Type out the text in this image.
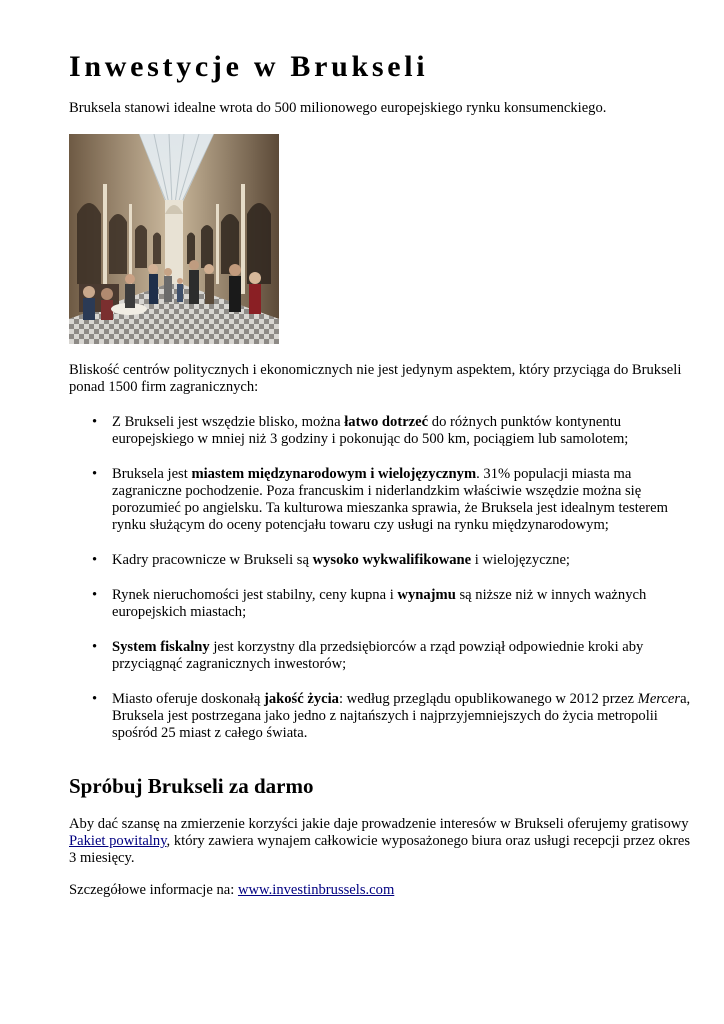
Inwestycje w Brukseli

Bruksela stanowi idealne wrota do 500 milionowego europejskiego rynku konsumenckiego.

Bliskość centrów politycznych i ekonomicznych nie jest jedynym aspektem, który przyciąga do Brukseli ponad 1500 firm zagranicznych:

• Z Brukseli jest wszędzie blisko, można łatwo dotrzeć do różnych punktów kontynentu europejskiego w mniej niż 3 godziny i pokonując do 500 km, pociągiem lub samolotem;
• Bruksela jest miastem międzynarodowym i wielojęzycznym. 31% populacji miasta ma zagraniczne pochodzenie. Poza francuskim i niderlandzkim właściwie wszędzie można się porozumieć po angielsku. Ta kulturowa mieszanka sprawia, że Bruksela jest idealnym testerem rynku służącym do oceny potencjału towaru czy usługi na rynku międzynarodowym;
• Kadry pracownicze w Brukseli są wysoko wykwalifikowane i wielojęzyczne;
• Rynek nieruchomości jest stabilny, ceny kupna i wynajmu są niższe niż w innych ważnych europejskich miastach;
• System fiskalny jest korzystny dla przedsiębiorców a rząd powziął odpowiednie kroki aby przyciągnąć zagranicznych inwestorów;
• Miasto oferuje doskonałą jakość życia: według przeglądu opublikowanego w 2012 przez Mercera, Bruksela jest postrzegana jako jedno z najtańszych i najprzyjemniejszych do życia metropolii spośród 25 miast z całego świata.
Spróbuj Brukseli za darmo

Aby dać szansę na zmierzenie korzyści jakie daje prowadzenie interesów w Brukseli oferujemy gratisowy Pakiet powitalny, który zawiera wynajem całkowicie wyposażonego biura oraz usługi recepcji przez okres 3 miesięcy.

Szczegółowe informacje na: www.investinbrussels.com
